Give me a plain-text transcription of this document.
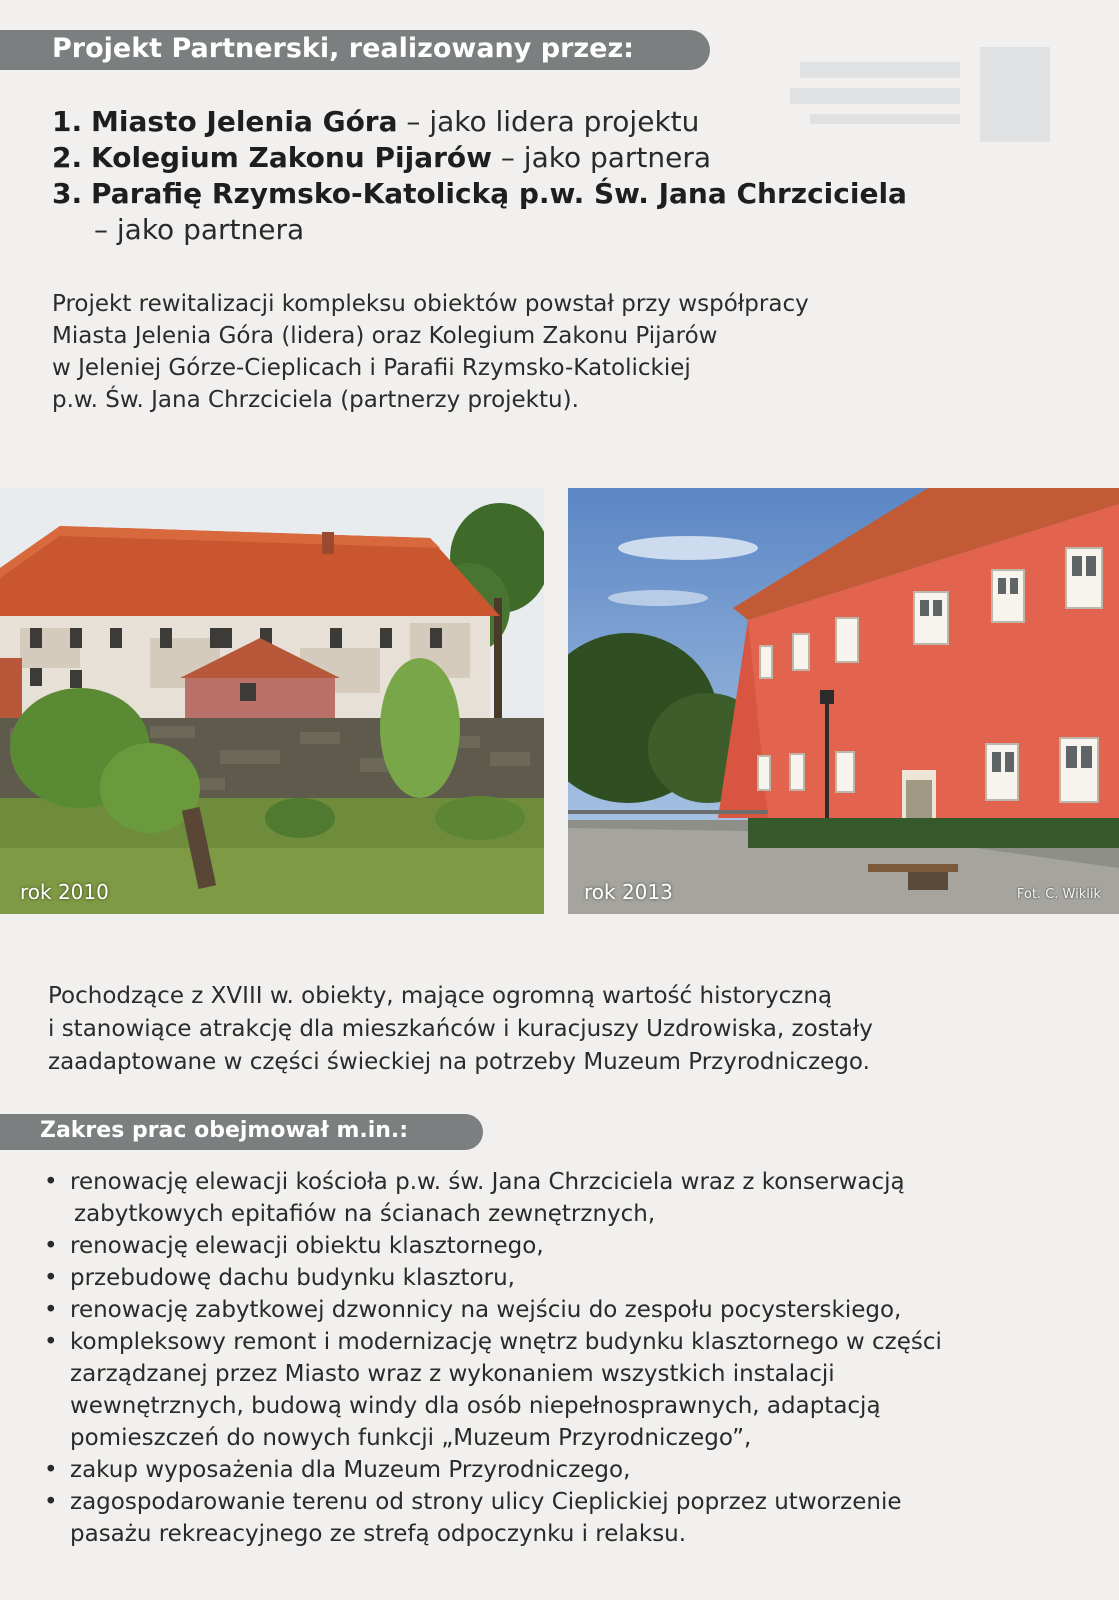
Projekt Partnerski, realizowany przez:
1. Miasto Jelenia Góra – jako lidera projektu
2. Kolegium Zakonu Pijarów – jako partnera
3. Parafię Rzymsko-Katolicką p.w. Św. Jana Chrzciciela
– jako partnera
Projekt rewitalizacji kompleksu obiektów powstał przy współpracy
Miasta Jelenia Góra (lidera) oraz Kolegium Zakonu Pijarów
w Jeleniej Górze-Cieplicach i Parafii Rzymsko-Katolickiej
p.w. Św. Jana Chrzciciela (partnerzy projektu).
rok 2010	rok 2013	Fot. C. Wiklik
Pochodzące z XVIII w. obiekty, mające ogromną wartość historyczną
i stanowiące atrakcję dla mieszkańców i kuracjuszy Uzdrowiska, zostały
zaadaptowane w części świeckiej na potrzeby Muzeum Przyrodniczego.
Zakres prac obejmował m.in.:
• renowację elewacji kościoła p.w. św. Jana Chrzciciela wraz z konserwacją
zabytkowych epitafiów na ścianach zewnętrznych,
• renowację elewacji obiektu klasztornego,
• przebudowę dachu budynku klasztoru,
• renowację zabytkowej dzwonnicy na wejściu do zespołu pocysterskiego,
• kompleksowy remont i modernizację wnętrz budynku klasztornego w części
zarządzanej przez Miasto wraz z wykonaniem wszystkich instalacji
wewnętrznych, budową windy dla osób niepełnosprawnych, adaptacją
pomieszczeń do nowych funkcji „Muzeum Przyrodniczego”,
• zakup wyposażenia dla Muzeum Przyrodniczego,
• zagospodarowanie terenu od strony ulicy Cieplickiej poprzez utworzenie
pasażu rekreacyjnego ze strefą odpoczynku i relaksu.
